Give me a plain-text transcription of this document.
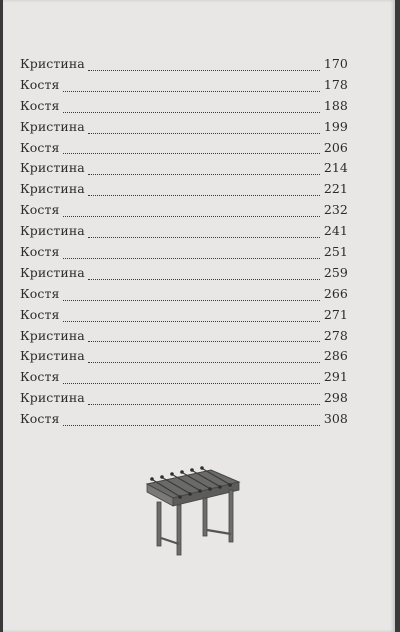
Кристина	170
Костя	178
Костя	188
Кристина	199
Костя	206
Кристина	214
Кристина	221
Костя	232
Кристина	241
Костя	251
Кристина	259
Костя	266
Костя	271
Кристина	278
Кристина	286
Костя	291
Кристина	298
Костя	308
